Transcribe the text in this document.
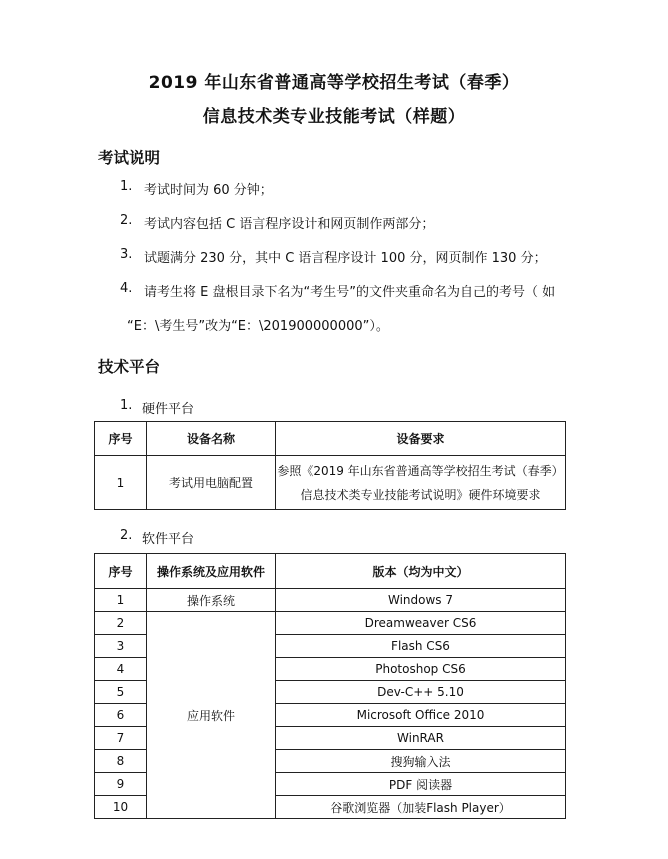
2019 年山东省普通高等学校招生考试（春季）
信息技术类专业技能考试（样题）
考试说明
1. 考试时间为 60 分钟；
2. 考试内容包括 C 语言程序设计和网页制作两部分；
3. 试题满分 230 分，其中 C 语言程序设计 100 分，网页制作 130 分；
4. 请考生将 E 盘根目录下名为“考生号”的文件夹重命名为自己的考号（ 如
“E：\考生号”改为“E：\201900000000”）。
技术平台
1. 硬件平台
序号	设备名称	设备要求
1	考试用电脑配置	参照《2019 年山东省普通高等学校招生考试（春季）
信息技术类专业技能考试说明》硬件环境要求
2. 软件平台
序号	操作系统及应用软件	版本（均为中文）
1	操作系统	Windows 7
2	应用软件	Dreamweaver CS6
3		Flash CS6
4		Photoshop CS6
5		Dev-C++ 5.10
6		Microsoft Office 2010
7		WinRAR
8		搜狗输入法
9		PDF 阅读器
10		谷歌浏览器（加装Flash Player）
